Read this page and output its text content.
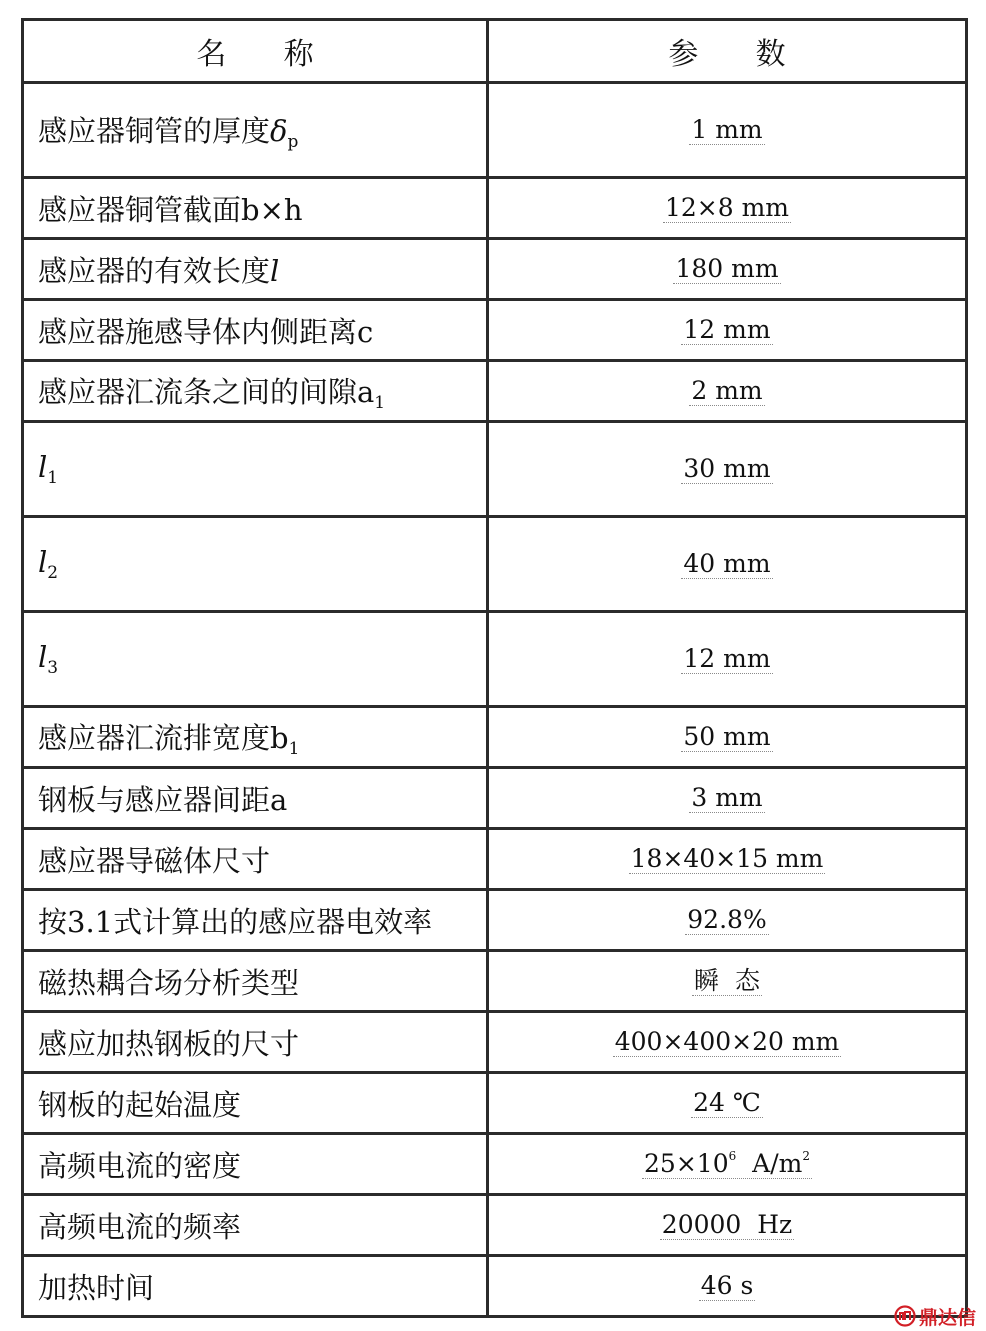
名      称	参      数
感应器铜管的厚度$\delta_p$	1 mm
感应器铜管截面b×h	12×8 mm
感应器的有效长度l	180 mm
感应器施感导体内侧距离c	12 mm
感应器汇流条之间的间隙$a_1$	2 mm
$l_1$	30 mm
$l_2$	40 mm
$l_3$	12 mm
感应器汇流排宽度$b_1$	50 mm
钢板与感应器间距a	3 mm
感应器导磁体尺寸	18×40×15 mm
按3.1式计算出的感应器电效率	92.8%
磁热耦合场分析类型	瞬  态
感应加热钢板的尺寸	400×400×20 mm
钢板的起始温度	24 ℃
高频电流的密度	$25\times 10^6$  $A/m^2$
高频电流的频率	20000  Hz
加热时间	46 s
鼎达信
